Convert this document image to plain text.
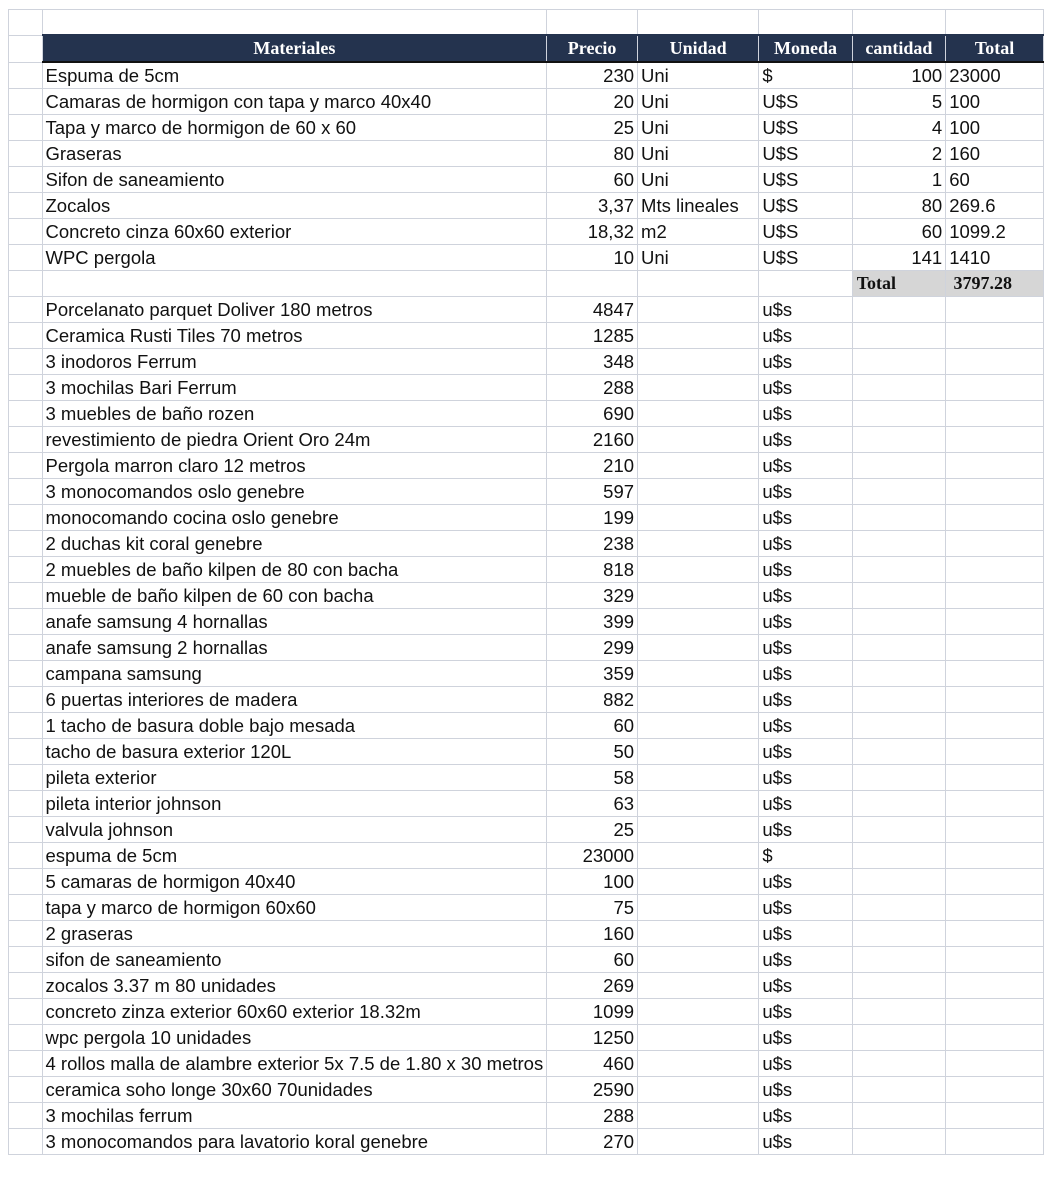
	Materiales	Precio	Unidad	Moneda	cantidad	Total
	Espuma de 5cm	230	Uni	$	100	23000
	Camaras de hormigon con tapa y marco 40x40	20	Uni	U$S	5	100
	Tapa y marco de hormigon de 60 x 60	25	Uni	U$S	4	100
	Graseras	80	Uni	U$S	2	160
	Sifon de saneamiento	60	Uni	U$S	1	60
	Zocalos	3,37	Mts lineales	U$S	80	269.6
	Concreto cinza 60x60 exterior	18,32	m2	U$S	60	1099.2
	WPC pergola	10	Uni	U$S	141	1410
					Total	3797.28
	Porcelanato parquet Doliver 180 metros	4847		u$s		
	Ceramica Rusti Tiles 70 metros	1285		u$s		
	3 inodoros Ferrum	348		u$s		
	3 mochilas Bari Ferrum	288		u$s		
	3 muebles de baño rozen	690		u$s		
	revestimiento de piedra Orient Oro 24m	2160		u$s		
	Pergola marron claro 12 metros	210		u$s		
	3 monocomandos oslo genebre	597		u$s		
	monocomando cocina oslo genebre	199		u$s		
	2 duchas kit coral genebre	238		u$s		
	2 muebles de baño kilpen de 80 con bacha	818		u$s		
	mueble de baño kilpen de 60 con bacha	329		u$s		
	anafe samsung 4 hornallas	399		u$s		
	anafe samsung 2 hornallas	299		u$s		
	campana samsung	359		u$s		
	6 puertas interiores de madera	882		u$s		
	1 tacho de basura doble bajo mesada	60		u$s		
	tacho de basura exterior 120L	50		u$s		
	pileta exterior	58		u$s		
	pileta interior johnson	63		u$s		
	valvula johnson	25		u$s		
	espuma de 5cm	23000		$		
	5 camaras de hormigon 40x40	100		u$s		
	tapa y marco de hormigon 60x60	75		u$s		
	2 graseras	160		u$s		
	sifon de saneamiento	60		u$s		
	zocalos 3.37 m 80 unidades	269		u$s		
	concreto zinza exterior 60x60 exterior 18.32m	1099		u$s		
	wpc pergola 10 unidades	1250		u$s		
	4 rollos malla de alambre exterior 5x 7.5 de 1.80 x 30 metros	460		u$s		
	ceramica soho longe 30x60 70unidades	2590		u$s		
	3 mochilas ferrum	288		u$s		
	3 monocomandos para lavatorio koral genebre	270		u$s		
